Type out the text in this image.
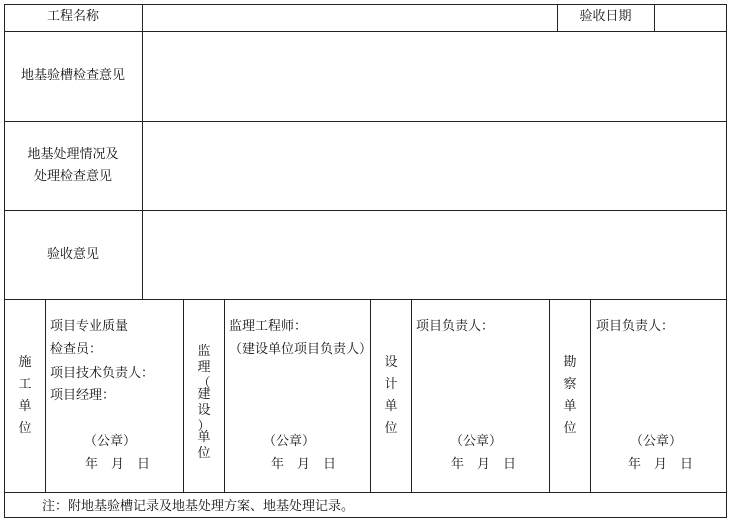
工程名称	验收日期
地基验槽检查意见
地基处理情况及
处理检查意见
验收意见
施
工
单
位
项目专业质量
检查员：
项目技术负责人：
项目经理：
（公章）
年　月　日
监
理
（
建
设
）
单
位
监理工程师：
（建设单位项目负责人）
（公章）
年　月　日
设
计
单
位
项目负责人：
（公章）
年　月　日
勘
察
单
位
项目负责人：
（公章）
年　月　日
注：附地基验槽记录及地基处理方案、地基处理记录。
